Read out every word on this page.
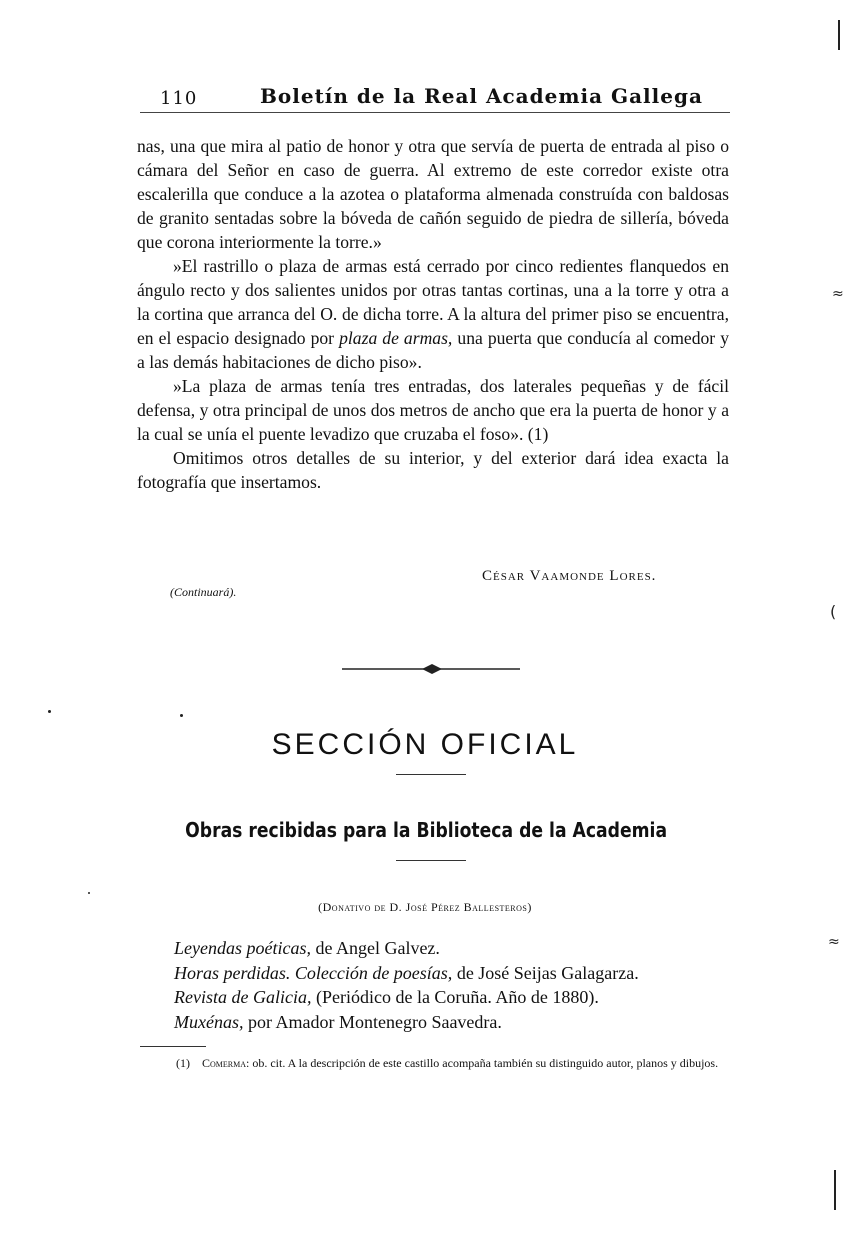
110	Boletín de la Real Academia Gallega

nas, una que mira al patio de honor y otra que servía de puerta de entrada al piso o cámara del Señor en caso de guerra. Al extremo de este corredor existe otra escalerilla que conduce a la azotea o plataforma almenada construída con baldosas de granito sentadas sobre la bóveda de cañón seguido de piedra de sillería, bóveda que corona interiormente la torre.»

»El rastrillo o plaza de armas está cerrado por cinco redientes flanquedos en ángulo recto y dos salientes unidos por otras tantas cortinas, una a la torre y otra a la cortina que arranca del O. de dicha torre. A la altura del primer piso se encuentra, en el espacio designado por plaza de armas, una puerta que conducía al comedor y a las demás habitaciones de dicho piso».

»La plaza de armas tenía tres entradas, dos laterales pequeñas y de fácil defensa, y otra principal de unos dos metros de ancho que era la puerta de honor y a la cual se unía el puente levadizo que cruzaba el foso». (1)

Omitimos otros detalles de su interior, y del exterior dará idea exacta la fotografía que insertamos.

César Vaamonde Lores.
(Continuará).
SECCIÓN OFICIAL
Obras recibidas para la Biblioteca de la Academia
(Donativo de D. José Pérez Ballesteros)
Leyendas poéticas, de Angel Galvez.
Horas perdidas. Colección de poesías, de José Seijas Galagarza.
Revista de Galicia, (Periódico de la Coruña. Año de 1880).
Muxénas, por Amador Montenegro Saavedra.
(1) Comerma: ob. cit. A la descripción de este castillo acompaña también su distinguido autor, planos y dibujos.
≈
(
≈
